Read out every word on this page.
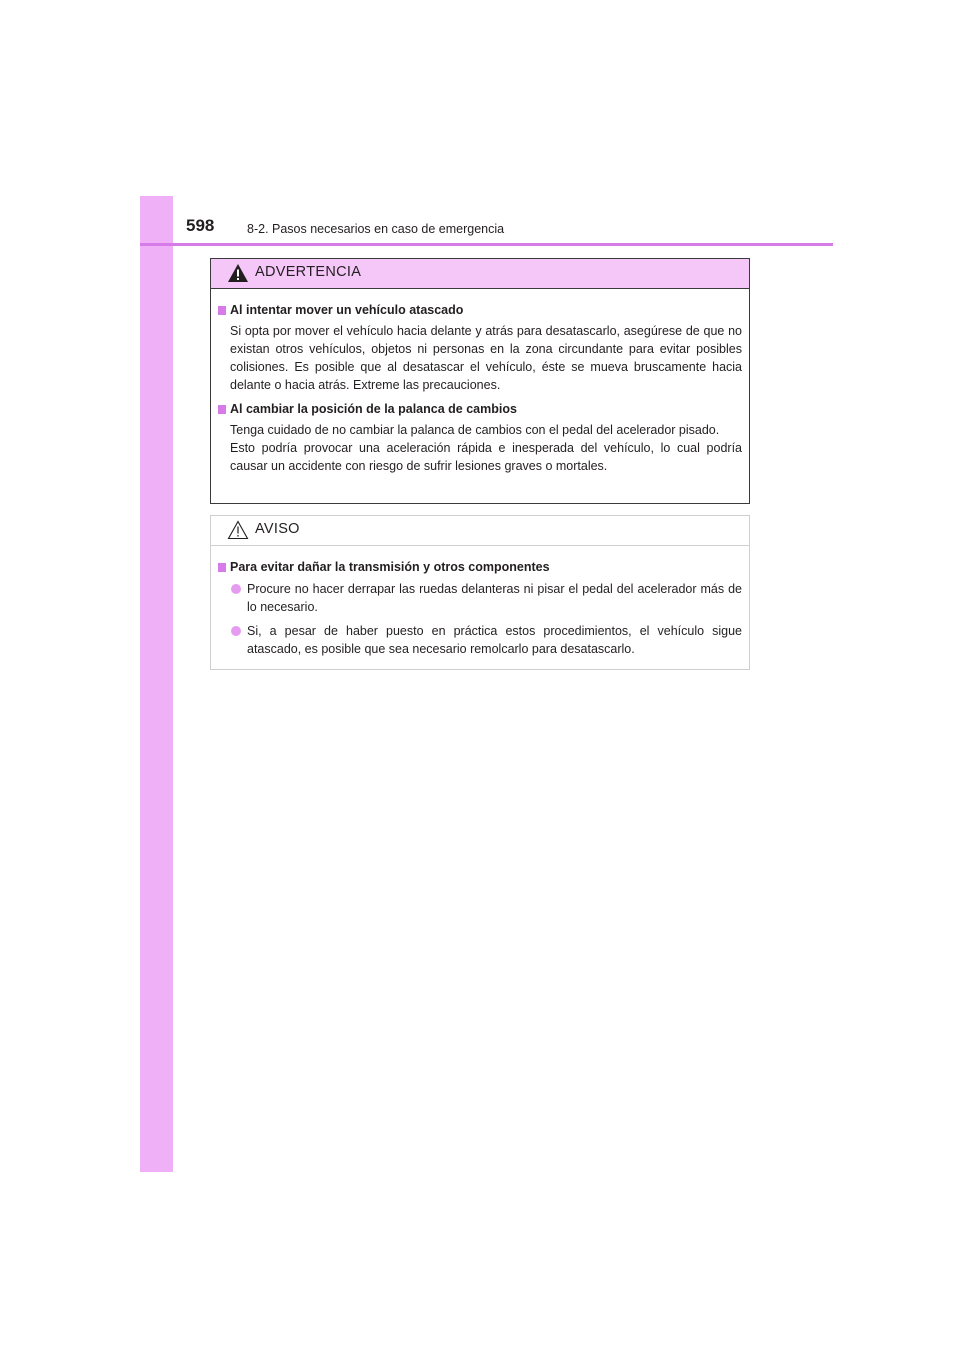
598	8-2. Pasos necesarios en caso de emergencia
ADVERTENCIA
Al intentar mover un vehículo atascado
Si opta por mover el vehículo hacia delante y atrás para desatascarlo, asegúrese de que no existan otros vehículos, objetos ni personas en la zona circundante para evitar posibles colisiones. Es posible que al desatascar el vehículo, éste se mueva bruscamente hacia delante o hacia atrás. Extreme las precauciones.
Al cambiar la posición de la palanca de cambios
Tenga cuidado de no cambiar la palanca de cambios con el pedal del acelerador pisado.
Esto podría provocar una aceleración rápida e inesperada del vehículo, lo cual podría causar un accidente con riesgo de sufrir lesiones graves o mortales.
AVISO
Para evitar dañar la transmisión y otros componentes
Procure no hacer derrapar las ruedas delanteras ni pisar el pedal del acelerador más de lo necesario.
Si, a pesar de haber puesto en práctica estos procedimientos, el vehículo sigue atascado, es posible que sea necesario remolcarlo para desatascarlo.
